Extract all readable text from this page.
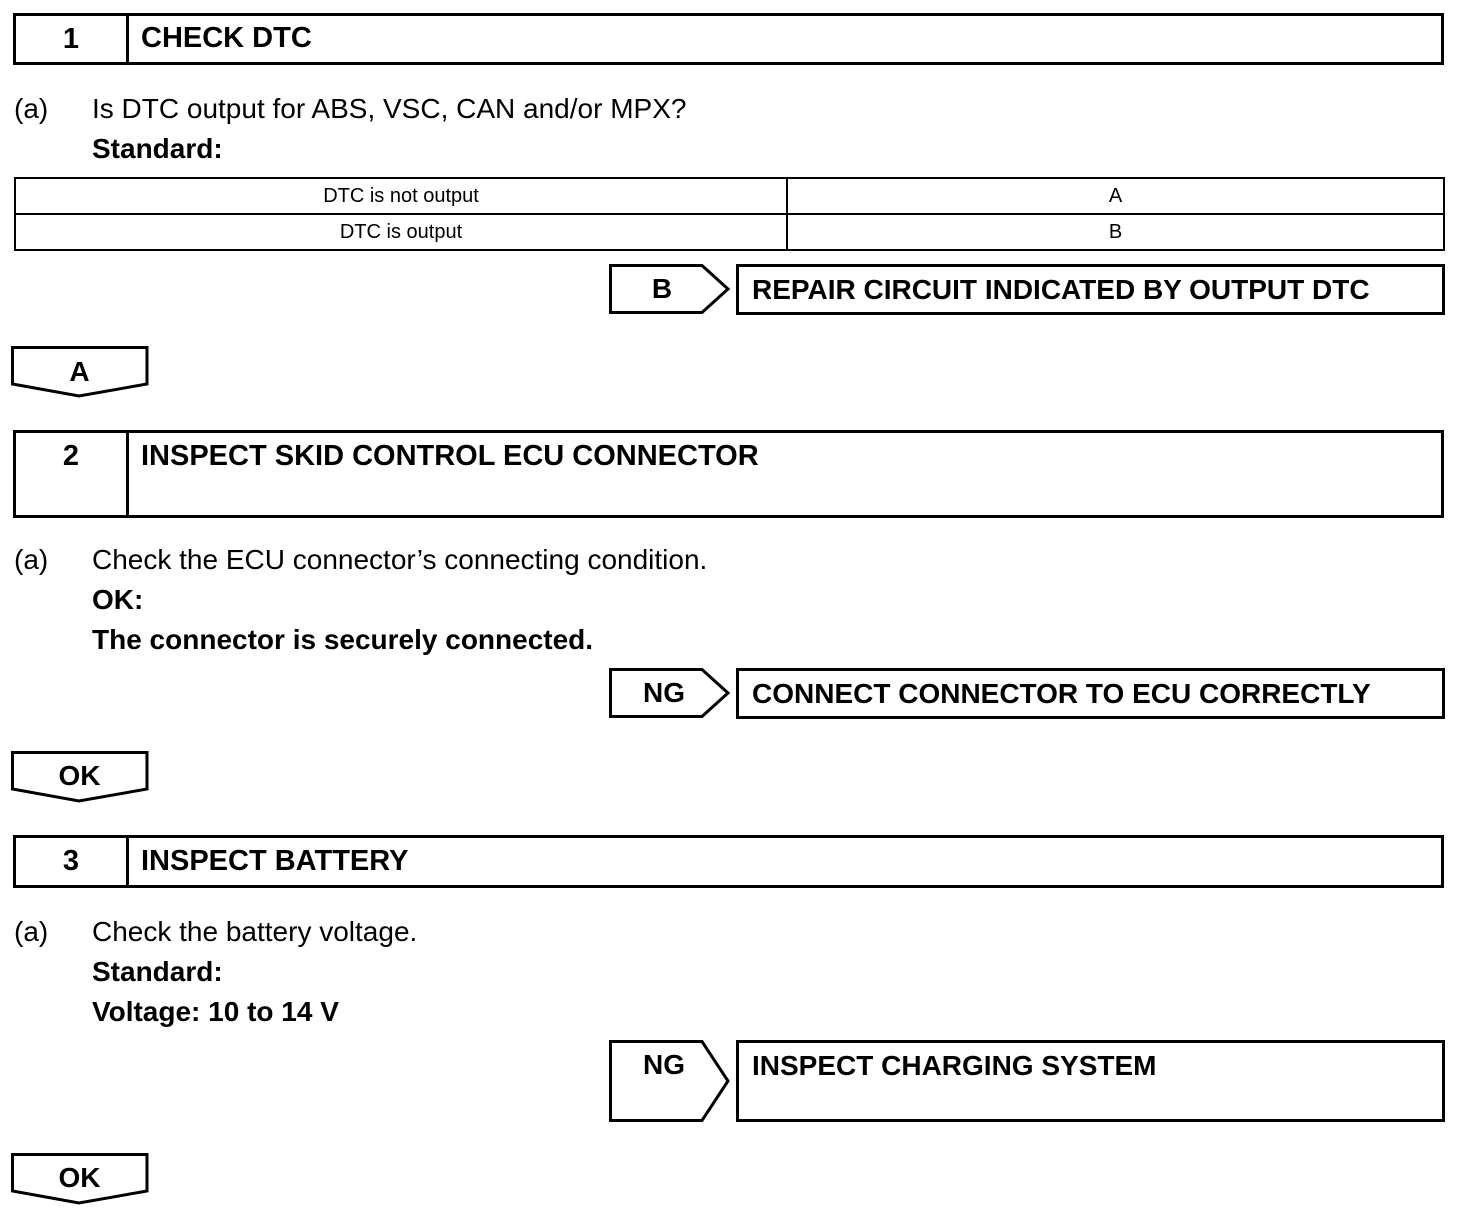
1	CHECK DTC
(a) Is DTC output for ABS, VSC, CAN and/or MPX?
Standard:
DTC is not output	A
DTC is output	B
B	REPAIR CIRCUIT INDICATED BY OUTPUT DTC
A
2	INSPECT SKID CONTROL ECU CONNECTOR
(a) Check the ECU connector’s connecting condition.
OK:
The connector is securely connected.
NG	CONNECT CONNECTOR TO ECU CORRECTLY
OK
3	INSPECT BATTERY
(a) Check the battery voltage.
Standard:
Voltage: 10 to 14 V
NG	INSPECT CHARGING SYSTEM
OK
